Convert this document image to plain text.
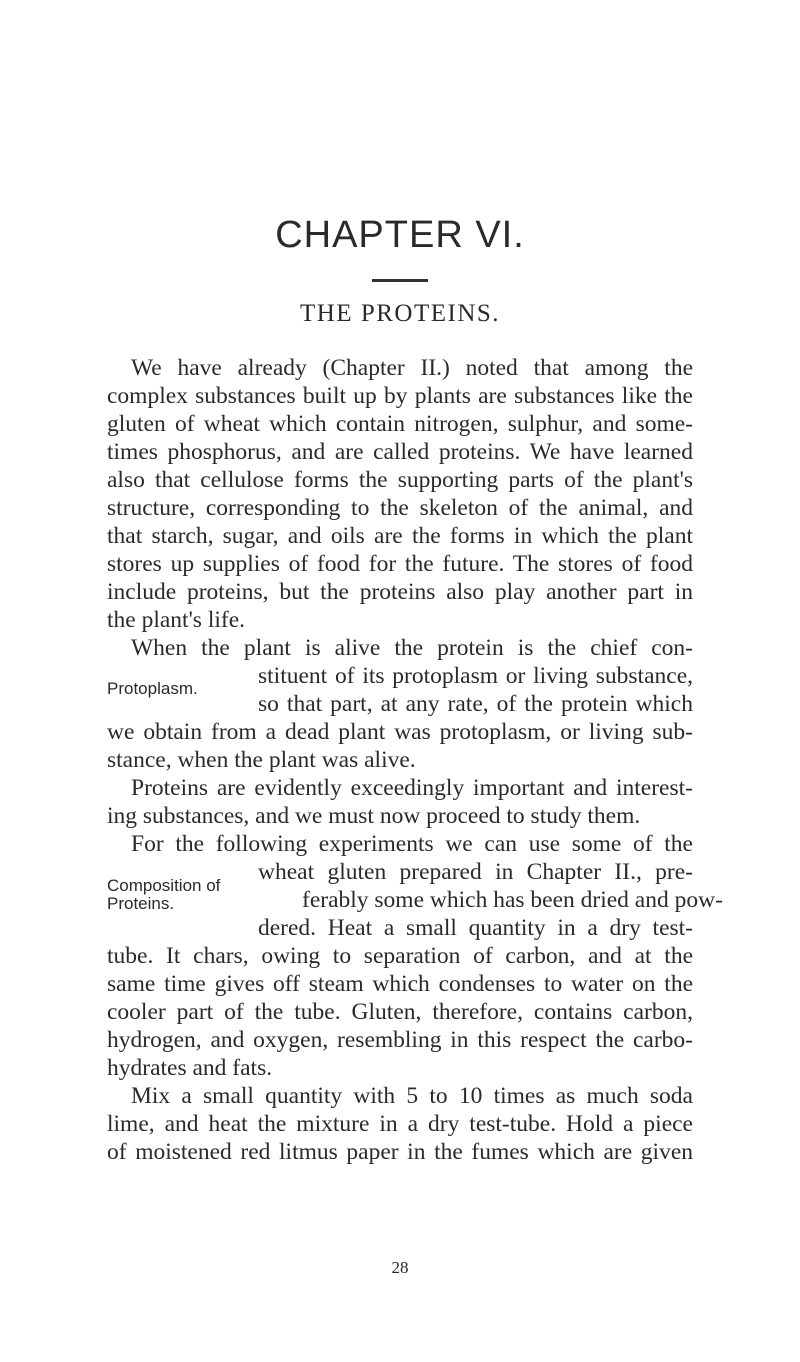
CHAPTER VI.
THE PROTEINS.
We have already (Chapter II.) noted that among the
complex substances built up by plants are substances like the
gluten of wheat which contain nitrogen, sulphur, and some-
times phosphorus, and are called proteins. We have learned
also that cellulose forms the supporting parts of the plant's
structure, corresponding to the skeleton of the animal, and
that starch, sugar, and oils are the forms in which the plant
stores up supplies of food for the future. The stores of food
include proteins, but the proteins also play another part in
the plant's life.
When the plant is alive the protein is the chief con-
stituent of its protoplasm or living substance,
Protoplasm.
so that part, at any rate, of the protein which
we obtain from a dead plant was protoplasm, or living sub-
stance, when the plant was alive.
Proteins are evidently exceedingly important and interest-
ing substances, and we must now proceed to study them.
For the following experiments we can use some of the
wheat gluten prepared in Chapter II., pre-
Composition of
ferably some which has been dried and pow-
Proteins.
dered. Heat a small quantity in a dry test-
tube. It chars, owing to separation of carbon, and at the
same time gives off steam which condenses to water on the
cooler part of the tube. Gluten, therefore, contains carbon,
hydrogen, and oxygen, resembling in this respect the carbo-
hydrates and fats.
Mix a small quantity with 5 to 10 times as much soda
lime, and heat the mixture in a dry test-tube. Hold a piece
of moistened red litmus paper in the fumes which are given
28
